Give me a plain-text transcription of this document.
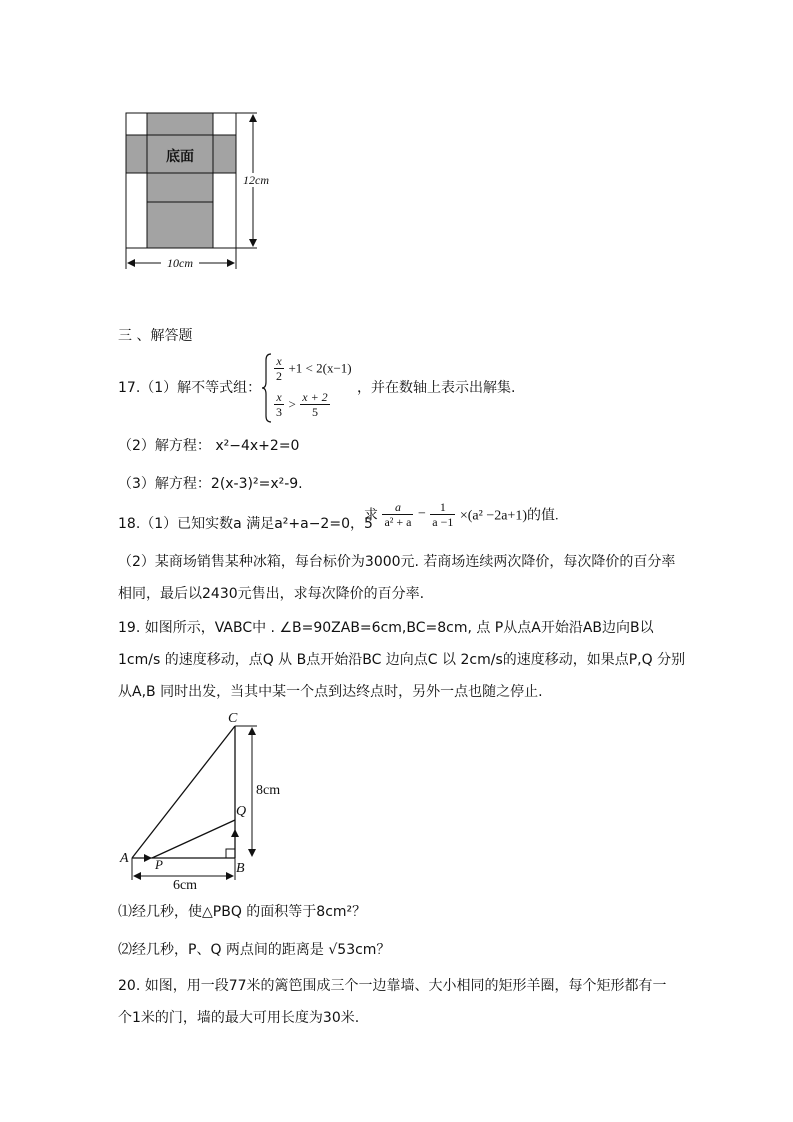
底面
12cm
10cm
三 、解答题
17.（1）解不等式组：
$\frac{x}{2} +1 < 2(x-1)$
$\frac{x}{3} > \frac{x + 2}{5}$
，并在数轴上表示出解集.
（2）解方程： x²−4x+2=0
（3）解方程：2(x-3)²=x²-9.
18.（1）已知实数a 满足a²+a−2=0，5
求 $\frac{a}{\text{a² + a}} - \frac{1}{a -1} \times(a^2 -2a+1)$的值.
（2）某商场销售某种冰箱，每台标价为3000元. 若商场连续两次降价，每次降价的百分率
相同，最后以2430元售出，求每次降价的百分率.
19. 如图所示，VABC中 . ∠B=90ZAB=6cm,BC=8cm, 点 P从点A开始沿AB边向B以
1cm/s 的速度移动，点Q 从 B点开始沿BC 边向点C 以 2cm/s的速度移动，如果点P,Q 分别
从A,B 同时出发，当其中某一个点到达终点时，另外一点也随之停止.
8cm
6cm
C
Q
A P	B
⑴经几秒，使△PBQ 的面积等于8cm²？
⑵经几秒，P、Q 两点间的距离是 √53cm？
20. 如图，用一段77米的篱笆围成三个一边靠墙、大小相同的矩形羊圈，每个矩形都有一
个1米的门，墙的最大可用长度为30米.
